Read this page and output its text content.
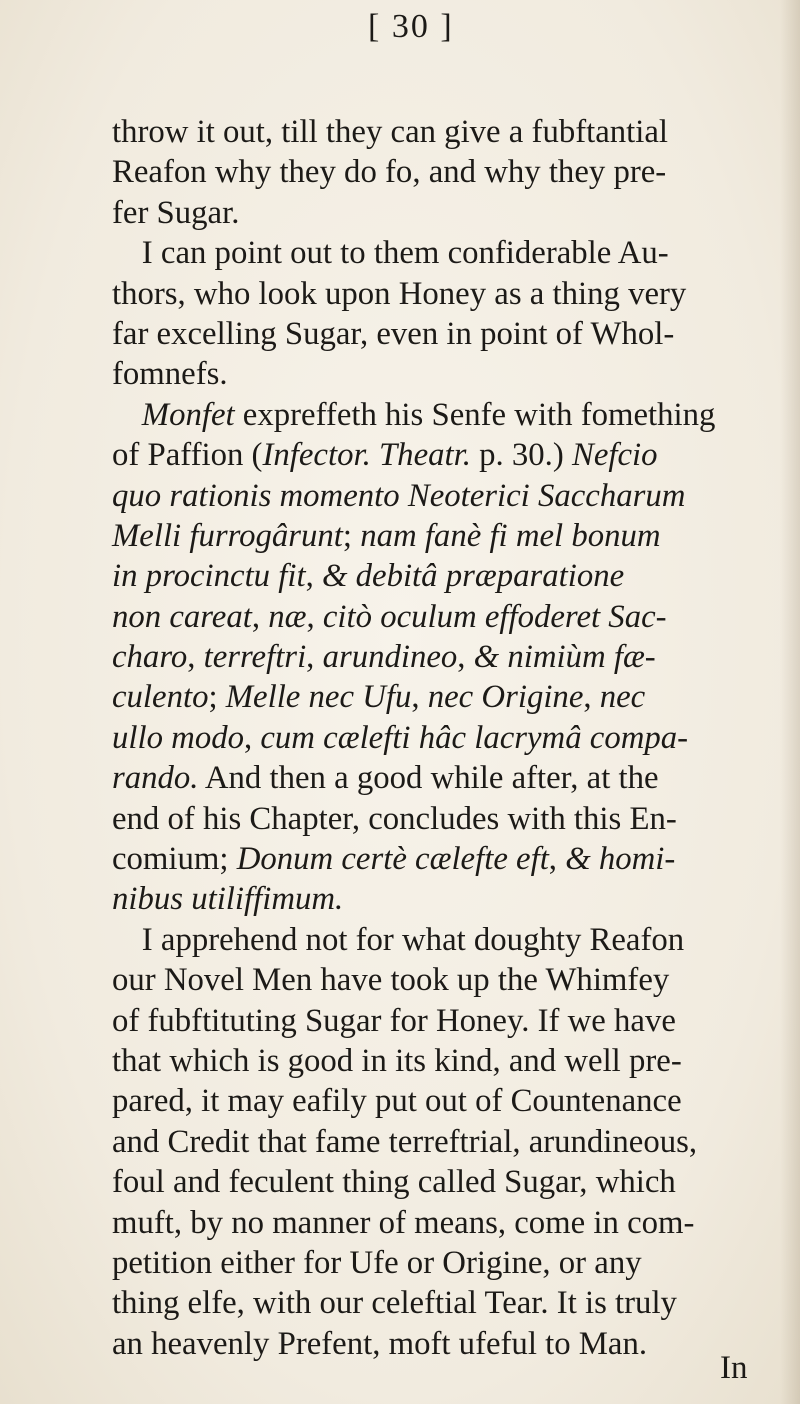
[ 30 ]
throw it out, till they can give a fubftantial
Reafon why they do fo, and why they pre-
fer Sugar.
I can point out to them confiderable Au-
thors, who look upon Honey as a thing very
far excelling Sugar, even in point of Whol-
fomnefs.
Monfet expreffeth his Senfe with fomething
of Paffion (Infector. Theatr. p. 30.) Nefcio
quo rationis momento Neoterici Saccharum
Melli furrogârunt; nam fanè fi mel bonum
in procinctu fit, & debitâ præparatione
non careat, næ, citò oculum effoderet Sac-
charo, terreftri, arundineo, & nimiùm fæ-
culento; Melle nec Ufu, nec Origine, nec
ullo modo, cum cælefti hâc lacrymâ compa-
rando. And then a good while after, at the
end of his Chapter, concludes with this En-
comium; Donum certè cælefte eft, & homi-
nibus utiliffimum.
I apprehend not for what doughty Reafon
our Novel Men have took up the Whimfey
of fubftituting Sugar for Honey. If we have
that which is good in its kind, and well pre-
pared, it may eafily put out of Countenance
and Credit that fame terreftrial, arundineous,
foul and feculent thing called Sugar, which
muft, by no manner of means, come in com-
petition either for Ufe or Origine, or any
thing elfe, with our celeftial Tear. It is truly
an heavenly Prefent, moft ufeful to Man.
In
